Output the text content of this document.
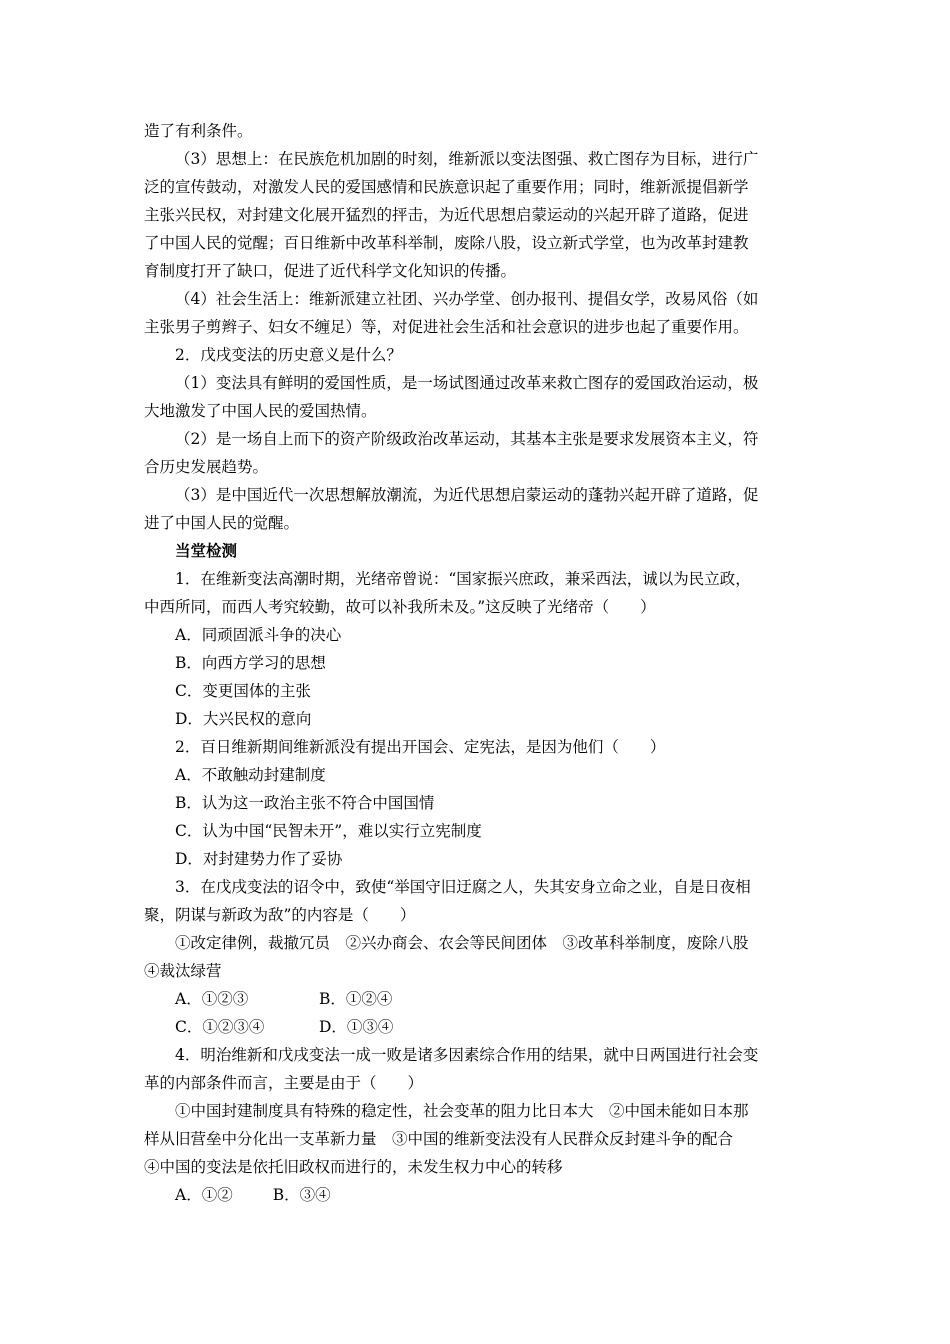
造了有利条件。
（3）思想上：在民族危机加剧的时刻，维新派以变法图强、救亡图存为目标，进行广
泛的宣传鼓动，对激发人民的爱国感情和民族意识起了重要作用；同时，维新派提倡新学
主张兴民权，对封建文化展开猛烈的抨击，为近代思想启蒙运动的兴起开辟了道路，促进
了中国人民的觉醒；百日维新中改革科举制，废除八股，设立新式学堂，也为改革封建教
育制度打开了缺口，促进了近代科学文化知识的传播。
（4）社会生活上：维新派建立社团、兴办学堂、创办报刊、提倡女学，改易风俗（如
主张男子剪辫子、妇女不缠足）等，对促进社会生活和社会意识的进步也起了重要作用。
2．戊戌变法的历史意义是什么？
（1）变法具有鲜明的爱国性质，是一场试图通过改革来救亡图存的爱国政治运动，极
大地激发了中国人民的爱国热情。
（2）是一场自上而下的资产阶级政治改革运动，其基本主张是要求发展资本主义，符
合历史发展趋势。
（3）是中国近代一次思想解放潮流，为近代思想启蒙运动的蓬勃兴起开辟了道路，促
进了中国人民的觉醒。
当堂检测
1．在维新变法高潮时期，光绪帝曾说：“国家振兴庶政，兼采西法，诚以为民立政，
中西所同，而西人考究较勤，故可以补我所未及。”这反映了光绪帝（　　）
A．同顽固派斗争的决心
B．向西方学习的思想
C．变更国体的主张
D．大兴民权的意向
2．百日维新期间维新派没有提出开国会、定宪法，是因为他们（　　）
A．不敢触动封建制度
B．认为这一政治主张不符合中国国情
C．认为中国“民智未开”，难以实行立宪制度
D．对封建势力作了妥协
3．在戊戌变法的诏令中，致使“举国守旧迂腐之人，失其安身立命之业，自是日夜相
聚，阴谋与新政为敌”的内容是（　　）
①改定律例，裁撤冗员　②兴办商会、农会等民间团体　③改革科举制度，废除八股
④裁汰绿营
A．①②③	B．①②④
C．①②③④	D．①③④
4．明治维新和戊戌变法一成一败是诸多因素综合作用的结果，就中日两国进行社会变
革的内部条件而言，主要是由于（　　）
①中国封建制度具有特殊的稳定性，社会变革的阻力比日本大　②中国未能如日本那
样从旧营垒中分化出一支革新力量　③中国的维新变法没有人民群众反封建斗争的配合
④中国的变法是依托旧政权而进行的，未发生权力中心的转移
A．①②	B．③④
